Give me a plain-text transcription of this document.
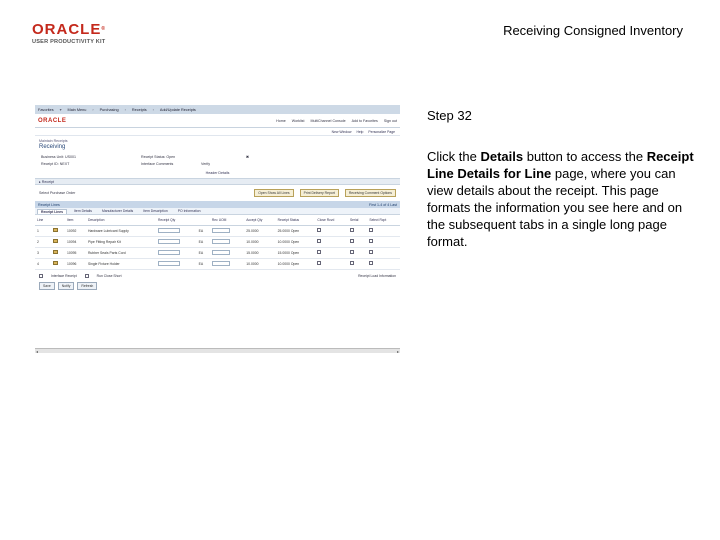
ORACLE®
USER PRODUCTIVITY KIT
Receiving Consigned Inventory
Favorites ▾ Main Menu › Purchasing › Receipts › Add/Update Receipts
ORACLE	Home Worklist MultiChannel Console Add to Favorites Sign out
New Window Help Personalize Page
Maintain Receipts
Receiving
Business Unit: US001	Receipt Status: Open	✖
Receipt ID: NEXT	Interface Comments	Verify
Header Details
▸ Receipt
Select Purchase Order	Open Show All Lines	Print Delivery Report	Receiving Comment Options
Receipt Lines	First 1-4 of 4 Last
Receipt Lines	Item Details	Manufacturer Details	Item Description	PO Information
Line		Item	Description	Receipt Qty		Rec UOM	Accept Qty	Receipt Status	Close Rcvd	Serial	Select Rcpt
1		10092	Hardware Lubricant Supply		EA		25.0000	25.0000 Open			
2		10094	Pipe Fitting Repair Kit		EA		10.0000	10.0000 Open			
3		10095	Rubber Seals Parts Cord		EA		15.0000	15.0000 Open			
4		10096	Single Fixture Holder		EA		10.0000	10.0000 Open			
Interface Receipt	Run Close Short	Receipt Load Information
Save	Notify	Refresh
◂	▸
Step 32
Click the Details button to access the Receipt Line Details for Line page, where you can view details about the receipt. This page formats the information you see here and on the subsequent tabs in a single long page format.
